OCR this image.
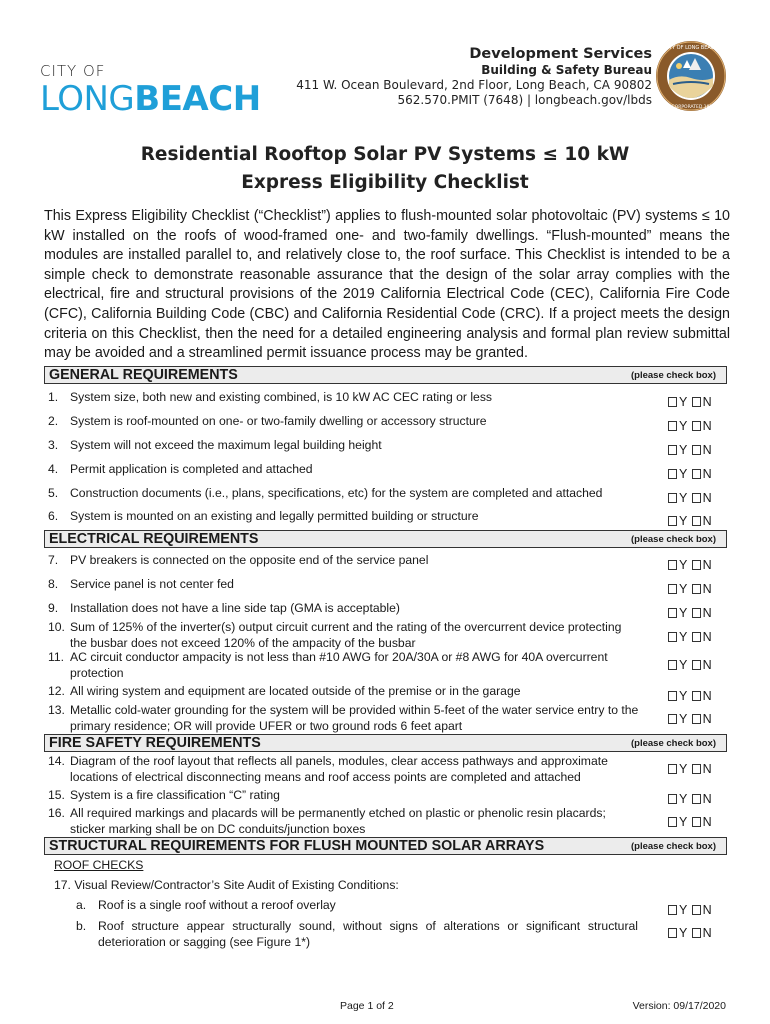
CITY OF
LONGBEACH
Development Services
Building & Safety Bureau
411 W. Ocean Boulevard, 2nd Floor, Long Beach, CA 90802
562.570.PMIT (7648) | longbeach.gov/lbds
CITY OF LONG BEACH
INCORPORATED 1897
Residential Rooftop Solar PV Systems ≤ 10 kW
Express Eligibility Checklist
This Express Eligibility Checklist (“Checklist”) applies to flush-mounted solar photovoltaic (PV) systems ≤ 10 kW installed on the roofs of wood-framed one- and two-family dwellings. “Flush-mounted” means the modules are installed parallel to, and relatively close to, the roof surface. This Checklist is intended to be a simple check to demonstrate reasonable assurance that the design of the solar array complies with the electrical, fire and structural provisions of the 2019 California Electrical Code (CEC), California Fire Code (CFC), California Building Code (CBC) and California Residential Code (CRC). If a project meets the design criteria on this Checklist, then the need for a detailed engineering analysis and formal plan review submittal may be avoided and a streamlined permit issuance process may be granted.
GENERAL REQUIREMENTS	(please check box)
1. System size, both new and existing combined, is 10 kW AC CEC rating or less	Y N
2. System is roof-mounted on one- or two-family dwelling or accessory structure	Y N
3. System will not exceed the maximum legal building height	Y N
4. Permit application is completed and attached	Y N
5. Construction documents (i.e., plans, specifications, etc) for the system are completed and attached	Y N
6. System is mounted on an existing and legally permitted building or structure	Y N
ELECTRICAL REQUIREMENTS	(please check box)
7. PV breakers is connected on the opposite end of the service panel	Y N
8. Service panel is not center fed	Y N
9. Installation does not have a line side tap (GMA is acceptable)	Y N
10. Sum of 125% of the inverter(s) output circuit current and the rating of the overcurrent device protecting the busbar does not exceed 120% of the ampacity of the busbar	Y N
11. AC circuit conductor ampacity is not less than #10 AWG for 20A/30A or #8 AWG for 40A overcurrent protection
Y N
12. All wiring system and equipment are located outside of the premise or in the garage	Y N
13. Metallic cold-water grounding for the system will be provided within 5-feet of the water service entry to the primary residence; OR will provide UFER or two ground rods 6 feet apart	Y N
FIRE SAFETY REQUIREMENTS	(please check box)
14. Diagram of the roof layout that reflects all panels, modules, clear access pathways and approximate locations of electrical disconnecting means and roof access points are completed and attached
Y N
15. System is a fire classification “C” rating	Y N
16. All required markings and placards will be permanently etched on plastic or phenolic resin placards; sticker marking shall be on DC conduits/junction boxes	Y N
STRUCTURAL REQUIREMENTS FOR FLUSH MOUNTED SOLAR ARRAYS	(please check box)
ROOF CHECKS
17. Visual Review/Contractor’s Site Audit of Existing Conditions:
a. Roof is a single roof without a reroof overlay	Y N
b. Roof structure appear structurally sound, without signs of alterations or significant structural deterioration or sagging (see Figure 1*)
Y N
Page 1 of 2	Version: 09/17/2020
